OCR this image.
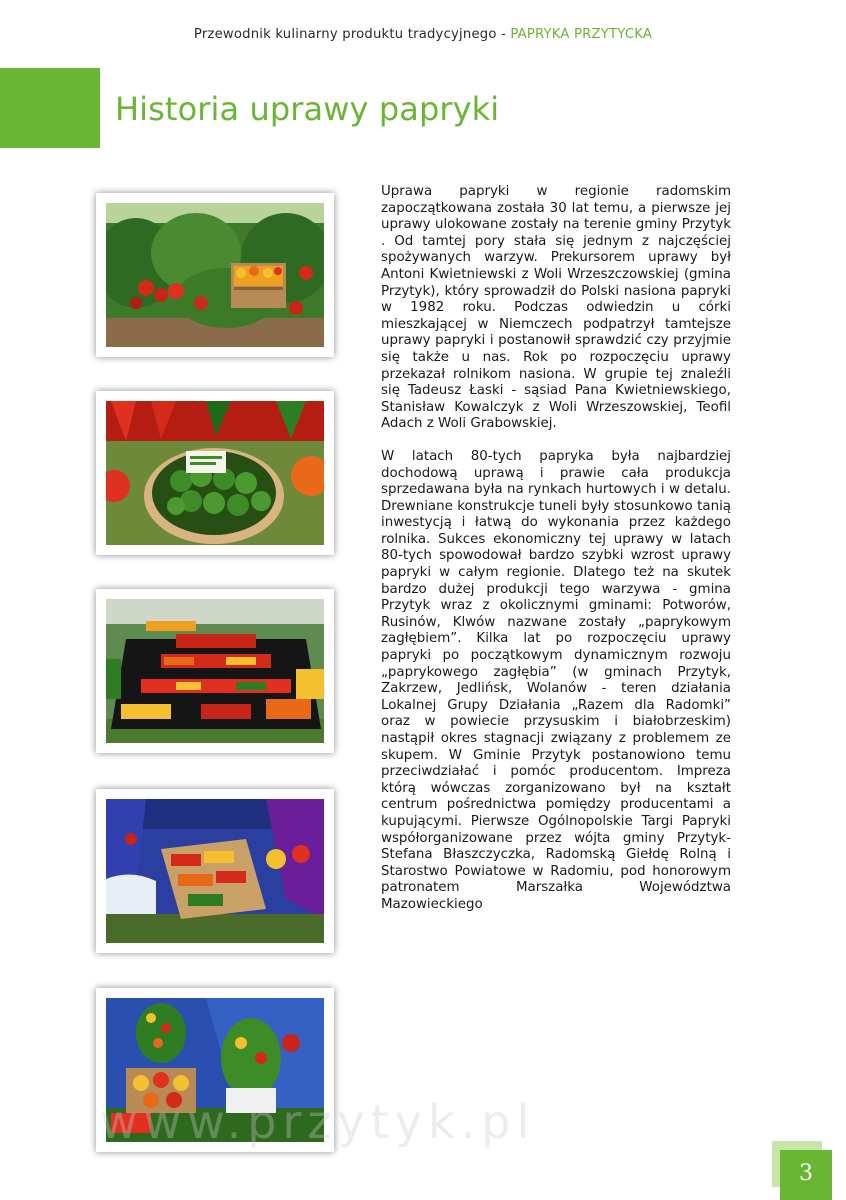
Przewodnik kulinarny produktu tradycyjnego - PAPRYKA PRZYTYCKA
Historia uprawy papryki

Uprawa papryki w regionie radomskim zapoczątkowana została 30 lat temu, a pierwsze jej uprawy ulokowane zostały na terenie gminy Przytyk . Od tamtej pory stała się jednym z najczęściej spożywanych warzyw. Prekursorem uprawy był Antoni Kwietniewski z Woli Wrzeszczowskiej (gmina Przytyk), który sprowadził do Polski nasiona papryki w 1982 roku. Podczas odwiedzin u córki mieszkającej w Niemczech podpatrzył tamtejsze uprawy papryki i postanowił sprawdzić czy przyjmie się także u nas. Rok po rozpoczęciu uprawy przekazał rolnikom nasiona. W grupie tej znaleźli się Tadeusz Łaski - sąsiad Pana Kwietniewskiego, Stanisław Kowalczyk z Woli Wrzeszowskiej, Teofil Adach z Woli Grabowskiej.

W latach 80-tych papryka była najbardziej dochodową uprawą i prawie cała produkcja sprzedawana była na rynkach hurtowych i w detalu. Drewniane konstrukcje tuneli były stosunkowo tanią inwestycją i łatwą do wykonania przez każdego rolnika. Sukces ekonomiczny tej uprawy w latach 80-tych spowodował bardzo szybki wzrost uprawy papryki w całym regionie. Dlatego też na skutek bardzo dużej produkcji tego warzywa - gmina Przytyk wraz z okolicznymi gminami: Potworów, Rusinów, Klwów nazwane zostały „paprykowym zagłębiem”. Kilka lat po rozpoczęciu uprawy papryki po początkowym dynamicznym rozwoju „paprykowego zagłębia” (w gminach Przytyk, Zakrzew, Jedlińsk, Wolanów - teren działania Lokalnej Grupy Działania „Razem dla Radomki” oraz w powiecie przysuskim i białobrzeskim) nastąpił okres stagnacji związany z problemem ze skupem. W Gminie Przytyk postanowiono temu przeciwdziałać i pomóc producentom. Impreza którą wówczas zorganizowano był na kształt centrum pośrednictwa pomiędzy producentami a kupującymi. Pierwsze Ogólnopolskie Targi Papryki współorganizowane przez wójta gminy Przytyk- Stefana Błaszczyczka, Radomską Giełdę Rolną i Starostwo Powiatowe w Radomiu, pod honorowym patronatem Marszałka Województwa Mazowieckiego

www.przytyk.pl
3
